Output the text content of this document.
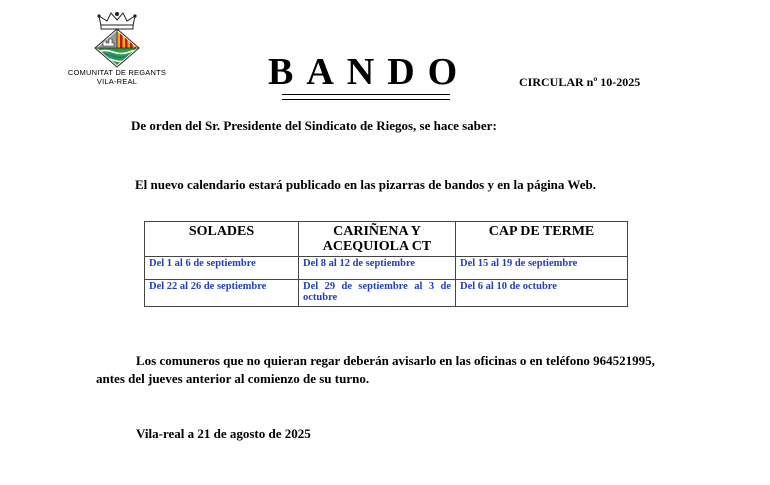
COMUNITAT DE REGANTS
VILA-REAL	BANDO	CIRCULAR nº 10-2025
De orden del Sr. Presidente del Sindicato de Riegos, se hace saber:
El nuevo calendario estará publicado en las pizarras de bandos y en la página Web.
SOLADES	CARIÑENA Y ACEQUIOLA CT	CAP DE TERME
Del 1 al 6 de septiembre	Del 8 al 12 de septiembre	Del 15 al 19 de septiembre
Del 22 al 26 de septiembre	Del 29 de septiembre al 3 de octubre	Del 6 al 10 de octubre
Los comuneros que no quieran regar deberán avisarlo en las oficinas o en teléfono 964521995, antes del jueves anterior al comienzo de su turno.
Vila-real a 21 de agosto de 2025
